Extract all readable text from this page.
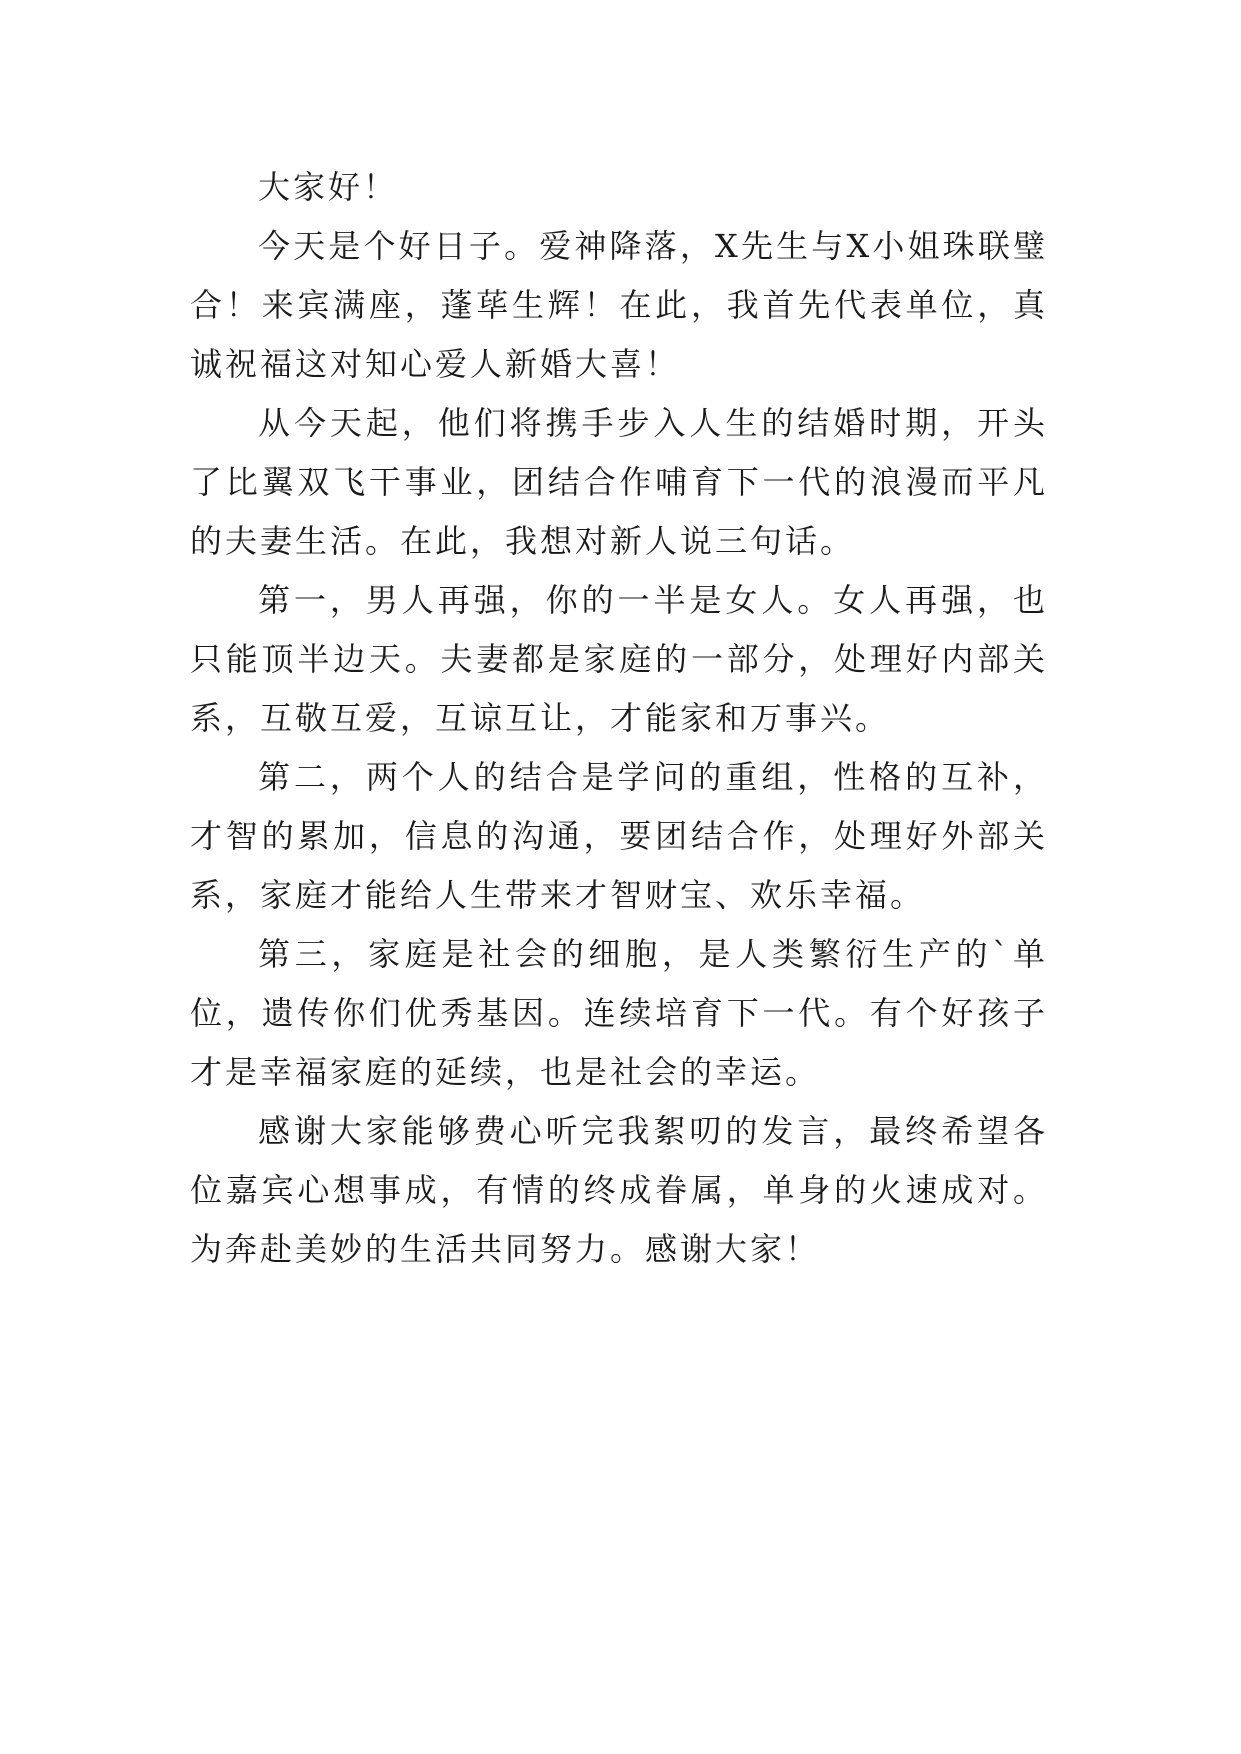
大家好！

今天是个好日子。爱神降落，X先生与X小姐珠联璧合！来宾满座，蓬荜生辉！在此，我首先代表单位，真诚祝福这对知心爱人新婚大喜！

从今天起，他们将携手步入人生的结婚时期，开头了比翼双飞干事业，团结合作哺育下一代的浪漫而平凡的夫妻生活。在此，我想对新人说三句话。

第一，男人再强，你的一半是女人。女人再强，也只能顶半边天。夫妻都是家庭的一部分，处理好内部关系，互敬互爱，互谅互让，才能家和万事兴。

第二，两个人的结合是学问的重组，性格的互补，才智的累加，信息的沟通，要团结合作，处理好外部关系，家庭才能给人生带来才智财宝、欢乐幸福。

第三，家庭是社会的细胞，是人类繁衍生产的`单位，遗传你们优秀基因。连续培育下一代。有个好孩子才是幸福家庭的延续，也是社会的幸运。

感谢大家能够费心听完我絮叨的发言，最终希望各位嘉宾心想事成，有情的终成眷属，单身的火速成对。为奔赴美妙的生活共同努力。感谢大家！
